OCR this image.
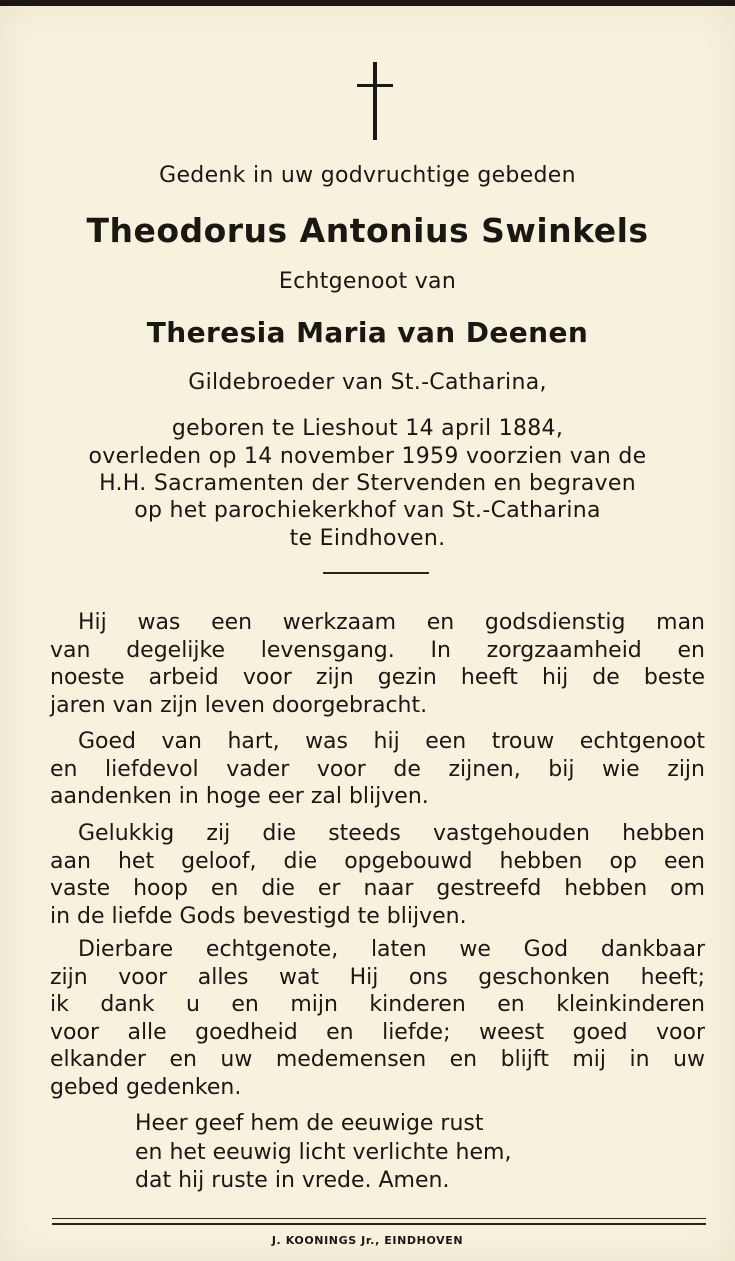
Gedenk in uw godvruchtige gebeden

Theodorus Antonius Swinkels

Echtgenoot van

Theresia Maria van Deenen

Gildebroeder van St.-Catharina,

geboren te Lieshout 14 april 1884,

overleden op 14 november 1959 voorzien van de

H.H. Sacramenten der Stervenden en begraven

op het parochiekerkhof van St.-Catharina

te Eindhoven.

Hij was een werkzaam en godsdienstig man
van degelijke levensgang. In zorgzaamheid en
noeste arbeid voor zijn gezin heeft hij de beste
jaren van zijn leven doorgebracht.
Goed van hart, was hij een trouw echtgenoot
en liefdevol vader voor de zijnen, bij wie zijn
aandenken in hoge eer zal blijven.
Gelukkig zij die steeds vastgehouden hebben
aan het geloof, die opgebouwd hebben op een
vaste hoop en die er naar gestreefd hebben om
in de liefde Gods bevestigd te blijven.
Dierbare echtgenote, laten we God dankbaar
zijn voor alles wat Hij ons geschonken heeft;
ik dank u en mijn kinderen en kleinkinderen
voor alle goedheid en liefde; weest goed voor
elkander en uw medemensen en blijft mij in uw
gebed gedenken.
Heer geef hem de eeuwige rust
en het eeuwig licht verlichte hem,
dat hij ruste in vrede. Amen.
J. KOONINGS Jr., EINDHOVEN
